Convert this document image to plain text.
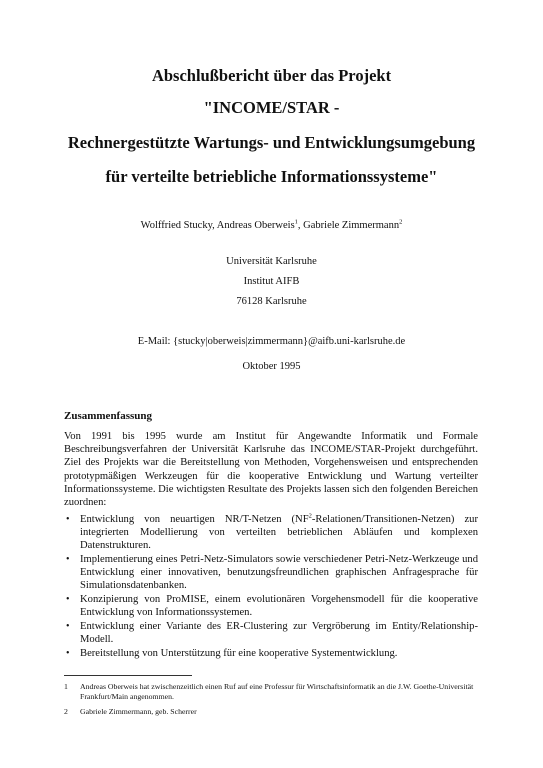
Abschlußbericht über das Projekt
"INCOME/STAR -
Rechnergestützte Wartungs- und Entwicklungsumgebung
für verteilte betriebliche Informationssysteme"
Wolffried Stucky, Andreas Oberweis$^1$, Gabriele Zimmermann$^2$
Universität Karlsruhe
Institut AIFB
76128 Karlsruhe
E-Mail: {stucky|oberweis|zimmermann}@aifb.uni-karlsruhe.de
Oktober 1995
Zusammenfassung

Von 1991 bis 1995 wurde am Institut für Angewandte Informatik und Formale Beschreibungsverfahren der Universität Karlsruhe das INCOME/STAR-Projekt durchgeführt. Ziel des Projekts war die Bereitstellung von Methoden, Vorgehensweisen und entsprechenden prototypmäßigen Werkzeugen für die kooperative Entwicklung und Wartung verteilter Informationssysteme. Die wichtigsten Resultate des Projekts lassen sich den folgenden Bereichen zuordnen:

• Entwicklung von neuartigen NR/T-Netzen $(NF^2-Relationen/Transitionen-Netzen)$ zur integrierten Modellierung von verteilten betrieblichen Abläufen und komplexen Datenstrukturen.
• Implementierung eines Petri-Netz-Simulators sowie verschiedener Petri-Netz-Werkzeuge und Entwicklung einer innovativen, benutzungsfreundlichen graphischen Anfragesprache für Simulationsdatenbanken.
• Konzipierung von ProMISE, einem evolutionären Vorgehensmodell für die kooperative Entwicklung von Informationssystemen.
• Entwicklung einer Variante des ER-Clustering zur Vergröberung im Entity/Relationship-Modell.
• Bereitstellung von Unterstützung für eine kooperative Systementwicklung.
1 Andreas Oberweis hat zwischenzeitlich einen Ruf auf eine Professur für Wirtschaftsinformatik an die J.W. Goethe-Universität Frankfurt/Main angenommen.
2 Gabriele Zimmermann, geb. Scherrer
